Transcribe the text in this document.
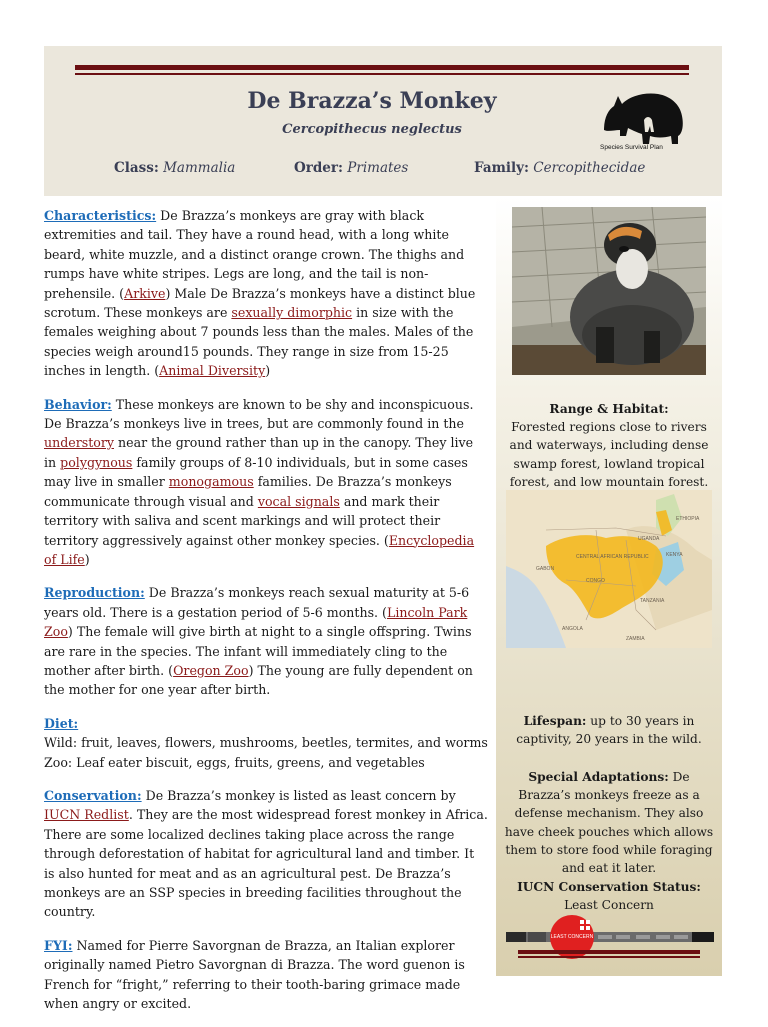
De Brazza’s Monkey
Cercopithecus neglectus
Class: Mammalia	Order: Primates	Family: Cercopithecidae
Species Survival Plan

Characteristics: De Brazza’s monkeys are gray with black extremities and tail. They have a round head, with a long white beard, white muzzle, and a distinct orange crown. The thighs and rumps have white stripes. Legs are long, and the tail is non-prehensile. (Arkive) Male De Brazza’s monkeys have a distinct blue scrotum. These monkeys are sexually dimorphic in size with the females weighing about 7 pounds less than the males. Males of the species weigh around15 pounds. They range in size from 15-25 inches in length. (Animal Diversity)

Behavior: These monkeys are known to be shy and inconspicuous. De Brazza’s monkeys live in trees, but are commonly found in the understory near the ground rather than up in the canopy. They live in polygynous family groups of 8-10 individuals, but in some cases may live in smaller monogamous families. De Brazza’s monkeys communicate through visual and vocal signals and mark their territory with saliva and scent markings and will protect their territory aggressively against other monkey species. (Encyclopedia of Life)

Reproduction: De Brazza’s monkeys reach sexual maturity at 5-6 years old. There is a gestation period of 5-6 months. (Lincoln Park Zoo) The female will give birth at night to a single offspring. Twins are rare in the species. The infant will immediately cling to the mother after birth. (Oregon Zoo) The young are fully dependent on the mother for one year after birth.

Diet:
Wild: fruit, leaves, flowers, mushrooms, beetles, termites, and worms
Zoo: Leaf eater biscuit, eggs, fruits, greens, and vegetables

Conservation: De Brazza’s monkey is listed as least concern by IUCN Redlist. They are the most widespread forest monkey in Africa. There are some localized declines taking place across the range through deforestation of habitat for agricultural land and timber. It is also hunted for meat and as an agricultural pest. De Brazza’s monkeys are an SSP species in breeding facilities throughout the country.

FYI: Named for Pierre Savorgnan de Brazza, an Italian explorer originally named Pietro Savorgnan di Brazza. The word guenon is French for “fright,” referring to their tooth-baring grimace made when angry or excited.

Range & Habitat:
Forested regions close to rivers and waterways, including dense swamp forest, lowland tropical forest, and low mountain forest.
CENTRAL AFRICAN REPUBLIC	KENYA
TANZANIA
ANGOLA
ZAMBIA
UGANDA
GABON
CONGO
ETHIOPIA
Lifespan: up to 30 years in captivity, 20 years in the wild.
Special Adaptations: De Brazza’s monkeys freeze as a defense mechanism. They also have cheek pouches which allows them to store food while foraging and eat it later.
IUCN Conservation Status:
Least Concern
LEAST CONCERN
